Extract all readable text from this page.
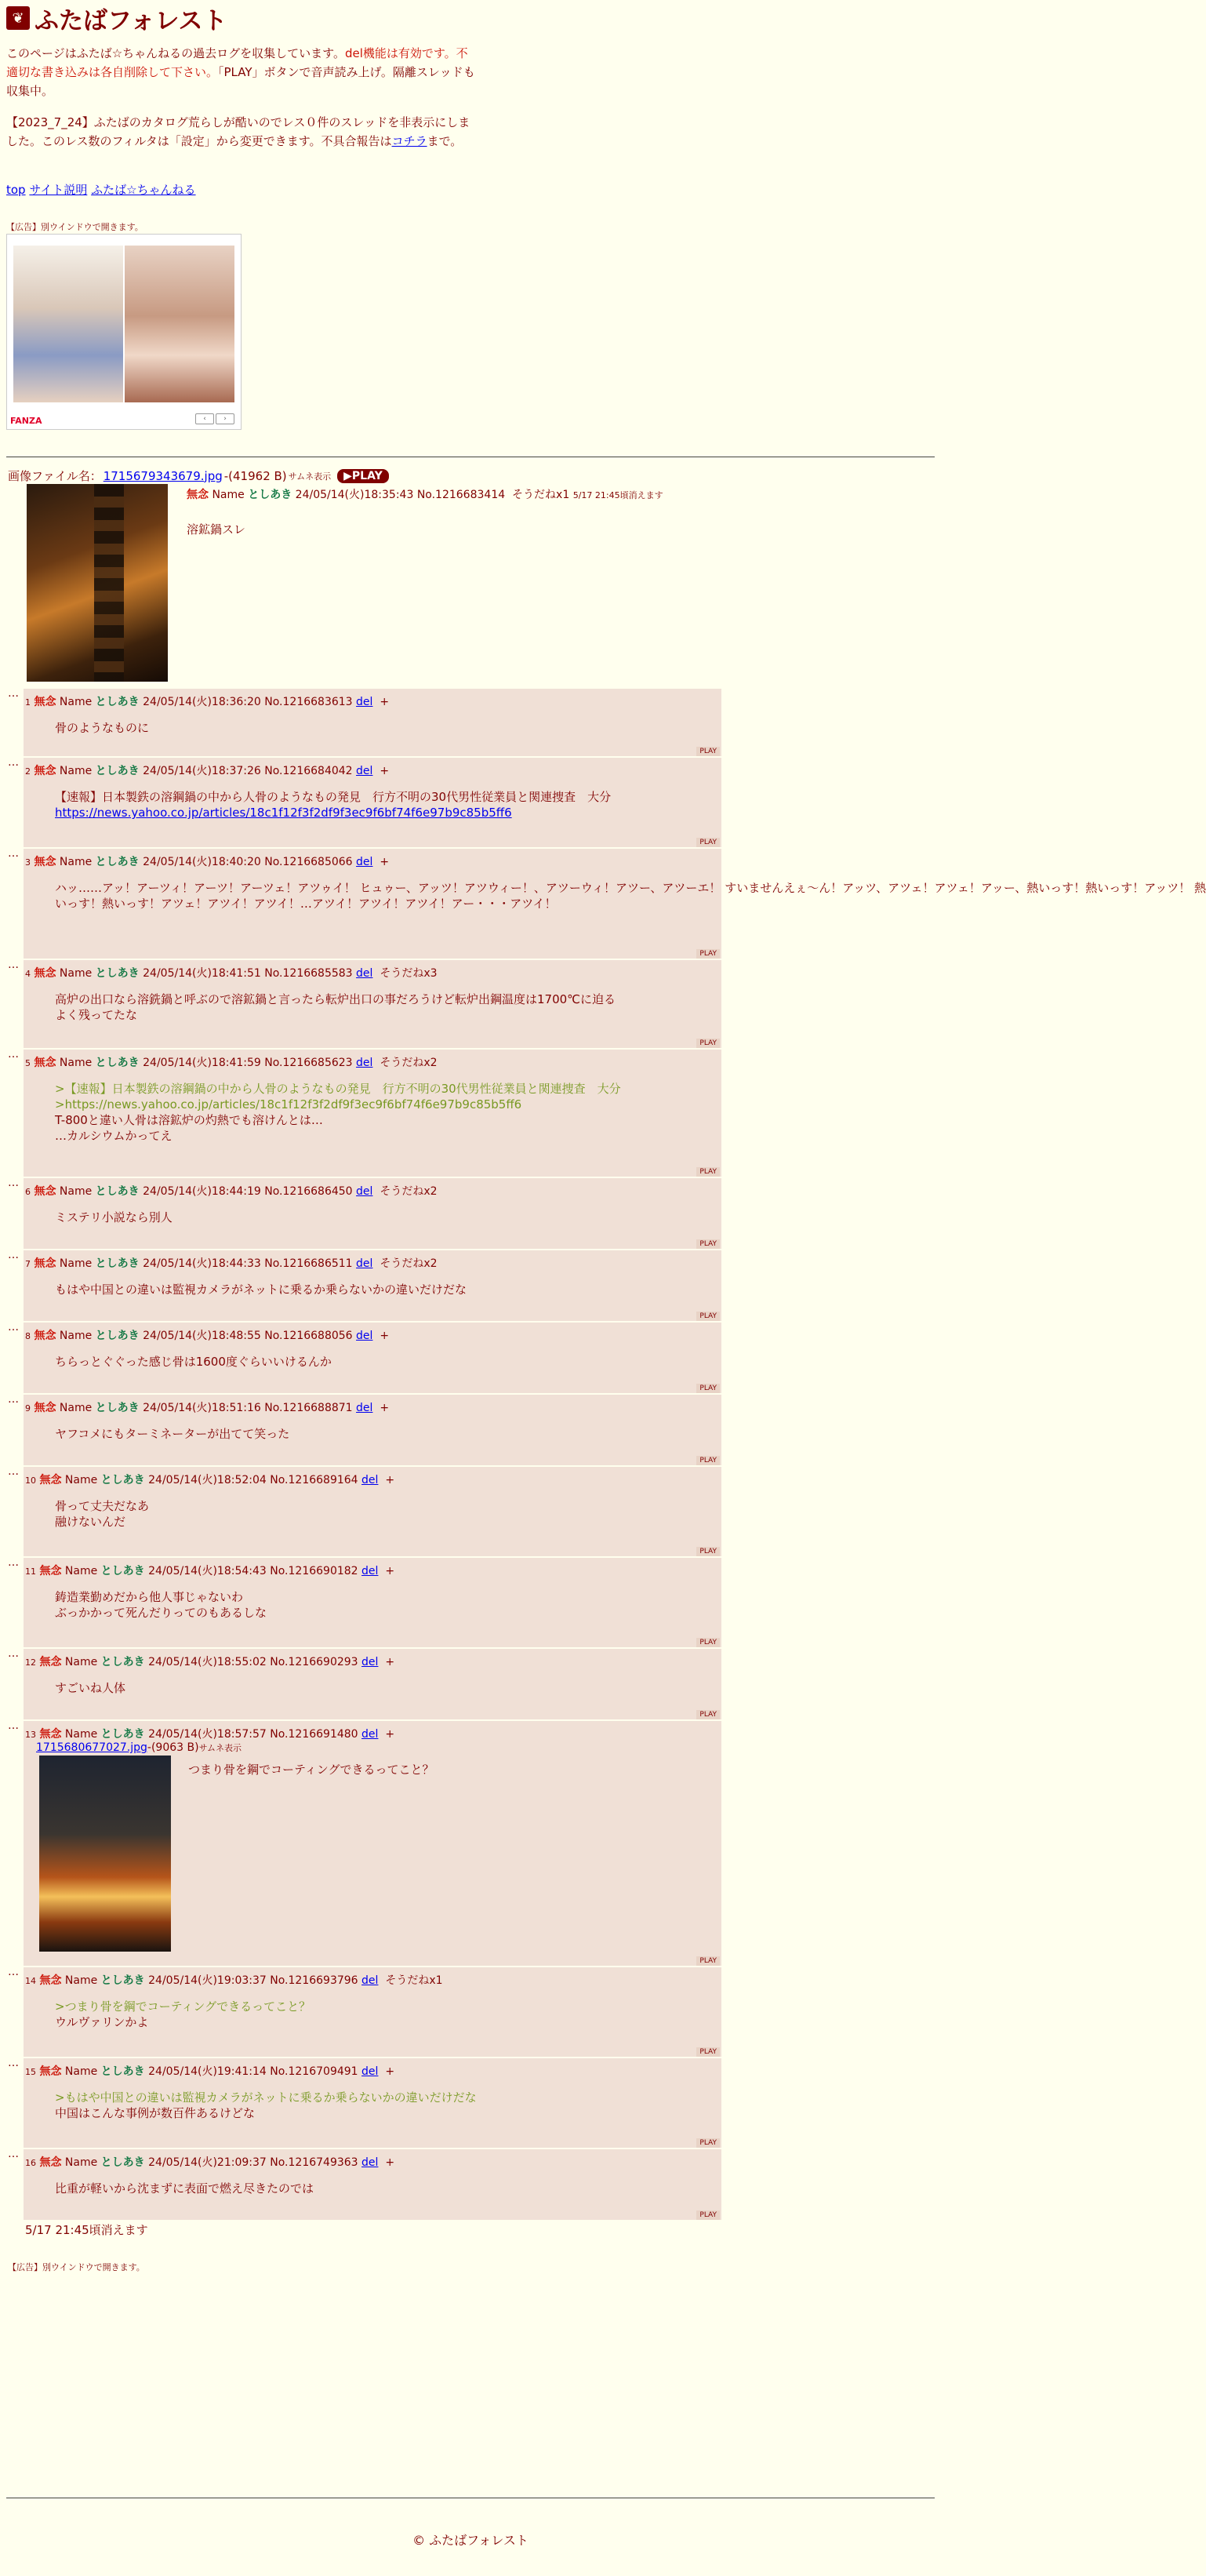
❦ ふたばフォレスト
このページはふたば☆ちゃんねるの過去ログを収集しています。del機能は有効です。不適切な書き込みは各自削除して下さい。「PLAY」ボタンで音声読み上げ。隔離スレッドも収集中。
【2023_7_24】ふたばのカタログ荒らしが酷いのでレス０件のスレッドを非表示にしました。このレス数のフィルタは「設定」から変更できます。不具合報告はコチラまで。
top サイト説明 ふたば☆ちゃんねる
【広告】別ウインドウで開きます。
FANZA	‹	›
画像ファイル名： 1715679343679.jpg -(41962 B) サムネ表示 ▶ PLAY
無念 Name としあき 24/05/14(火)18:35:43 No.1216683414 そうだねx1 5/17 21:45頃消えます
溶鉱鍋スレ
…
1 無念 Name としあき 24/05/14(火)18:36:20 No.1216683613 del +
骨のようなものに
PLAY
…
2 無念 Name としあき 24/05/14(火)18:37:26 No.1216684042 del +
【速報】日本製鉄の溶鋼鍋の中から人骨のようなもの発見　行方不明の30代男性従業員と関連捜査　大分
https://news.yahoo.co.jp/articles/18c1f12f3f2df9f3ec9f6bf74f6e97b9c85b5ff6
PLAY
…
3 無念 Name としあき 24/05/14(火)18:40:20 No.1216685066 del +
ハッ……アッ！アーツィ！アーツ！アーツェ！アツゥイ！ ヒュゥー、アッツ！アツウィー！、アツーウィ！アツー、アツーエ！ すいませんえぇ〜ん！アッツ、アツェ！アツェ！アッー、熱いっす！熱いっす！アッツ！ 熱
いっす！熱いっす！アツェ！アツイ！アツイ！…アツイ！アツイ！アツイ！アー・・・アツイ！
PLAY
…
4 無念 Name としあき 24/05/14(火)18:41:51 No.1216685583 del そうだねx3
高炉の出口なら溶銑鍋と呼ぶので溶鉱鍋と言ったら転炉出口の事だろうけど転炉出鋼温度は1700℃に迫る
よく残ってたな
PLAY
…
5 無念 Name としあき 24/05/14(火)18:41:59 No.1216685623 del そうだねx2
>【速報】日本製鉄の溶鋼鍋の中から人骨のようなもの発見　行方不明の30代男性従業員と関連捜査　大分
>https://news.yahoo.co.jp/articles/18c1f12f3f2df9f3ec9f6bf74f6e97b9c85b5ff6
T-800と違い人骨は溶鉱炉の灼熱でも溶けんとは…
…カルシウムかってえ
PLAY
…
6 無念 Name としあき 24/05/14(火)18:44:19 No.1216686450 del そうだねx2
ミステリ小説なら別人
PLAY
…
7 無念 Name としあき 24/05/14(火)18:44:33 No.1216686511 del そうだねx2
もはや中国との違いは監視カメラがネットに乗るか乗らないかの違いだけだな
PLAY
…
8 無念 Name としあき 24/05/14(火)18:48:55 No.1216688056 del +
ちらっとぐぐった感じ骨は1600度ぐらいいけるんか
PLAY
…
9 無念 Name としあき 24/05/14(火)18:51:16 No.1216688871 del +
ヤフコメにもターミネーターが出てて笑った
PLAY
…
10 無念 Name としあき 24/05/14(火)18:52:04 No.1216689164 del +
骨って丈夫だなあ
融けないんだ
PLAY
…
11 無念 Name としあき 24/05/14(火)18:54:43 No.1216690182 del +
鋳造業勤めだから他人事じゃないわ
ぶっかかって死んだりってのもあるしな
PLAY
…
12 無念 Name としあき 24/05/14(火)18:55:02 No.1216690293 del +
すごいね人体
PLAY
…
13 無念 Name としあき 24/05/14(火)18:57:57 No.1216691480 del +
1715680677027.jpg-(9063 B)サムネ表示
つまり骨を鋼でコーティングできるってこと？
PLAY
…
14 無念 Name としあき 24/05/14(火)19:03:37 No.1216693796 del そうだねx1
>つまり骨を鋼でコーティングできるってこと？
ウルヴァリンかよ
PLAY
…
15 無念 Name としあき 24/05/14(火)19:41:14 No.1216709491 del +
>もはや中国との違いは監視カメラがネットに乗るか乗らないかの違いだけだな
中国はこんな事例が数百件あるけどな
PLAY
…
16 無念 Name としあき 24/05/14(火)21:09:37 No.1216749363 del +
比重が軽いから沈まずに表面で燃え尽きたのでは
PLAY
5/17 21:45頃消えます
【広告】別ウインドウで開きます。
© ふたばフォレスト
